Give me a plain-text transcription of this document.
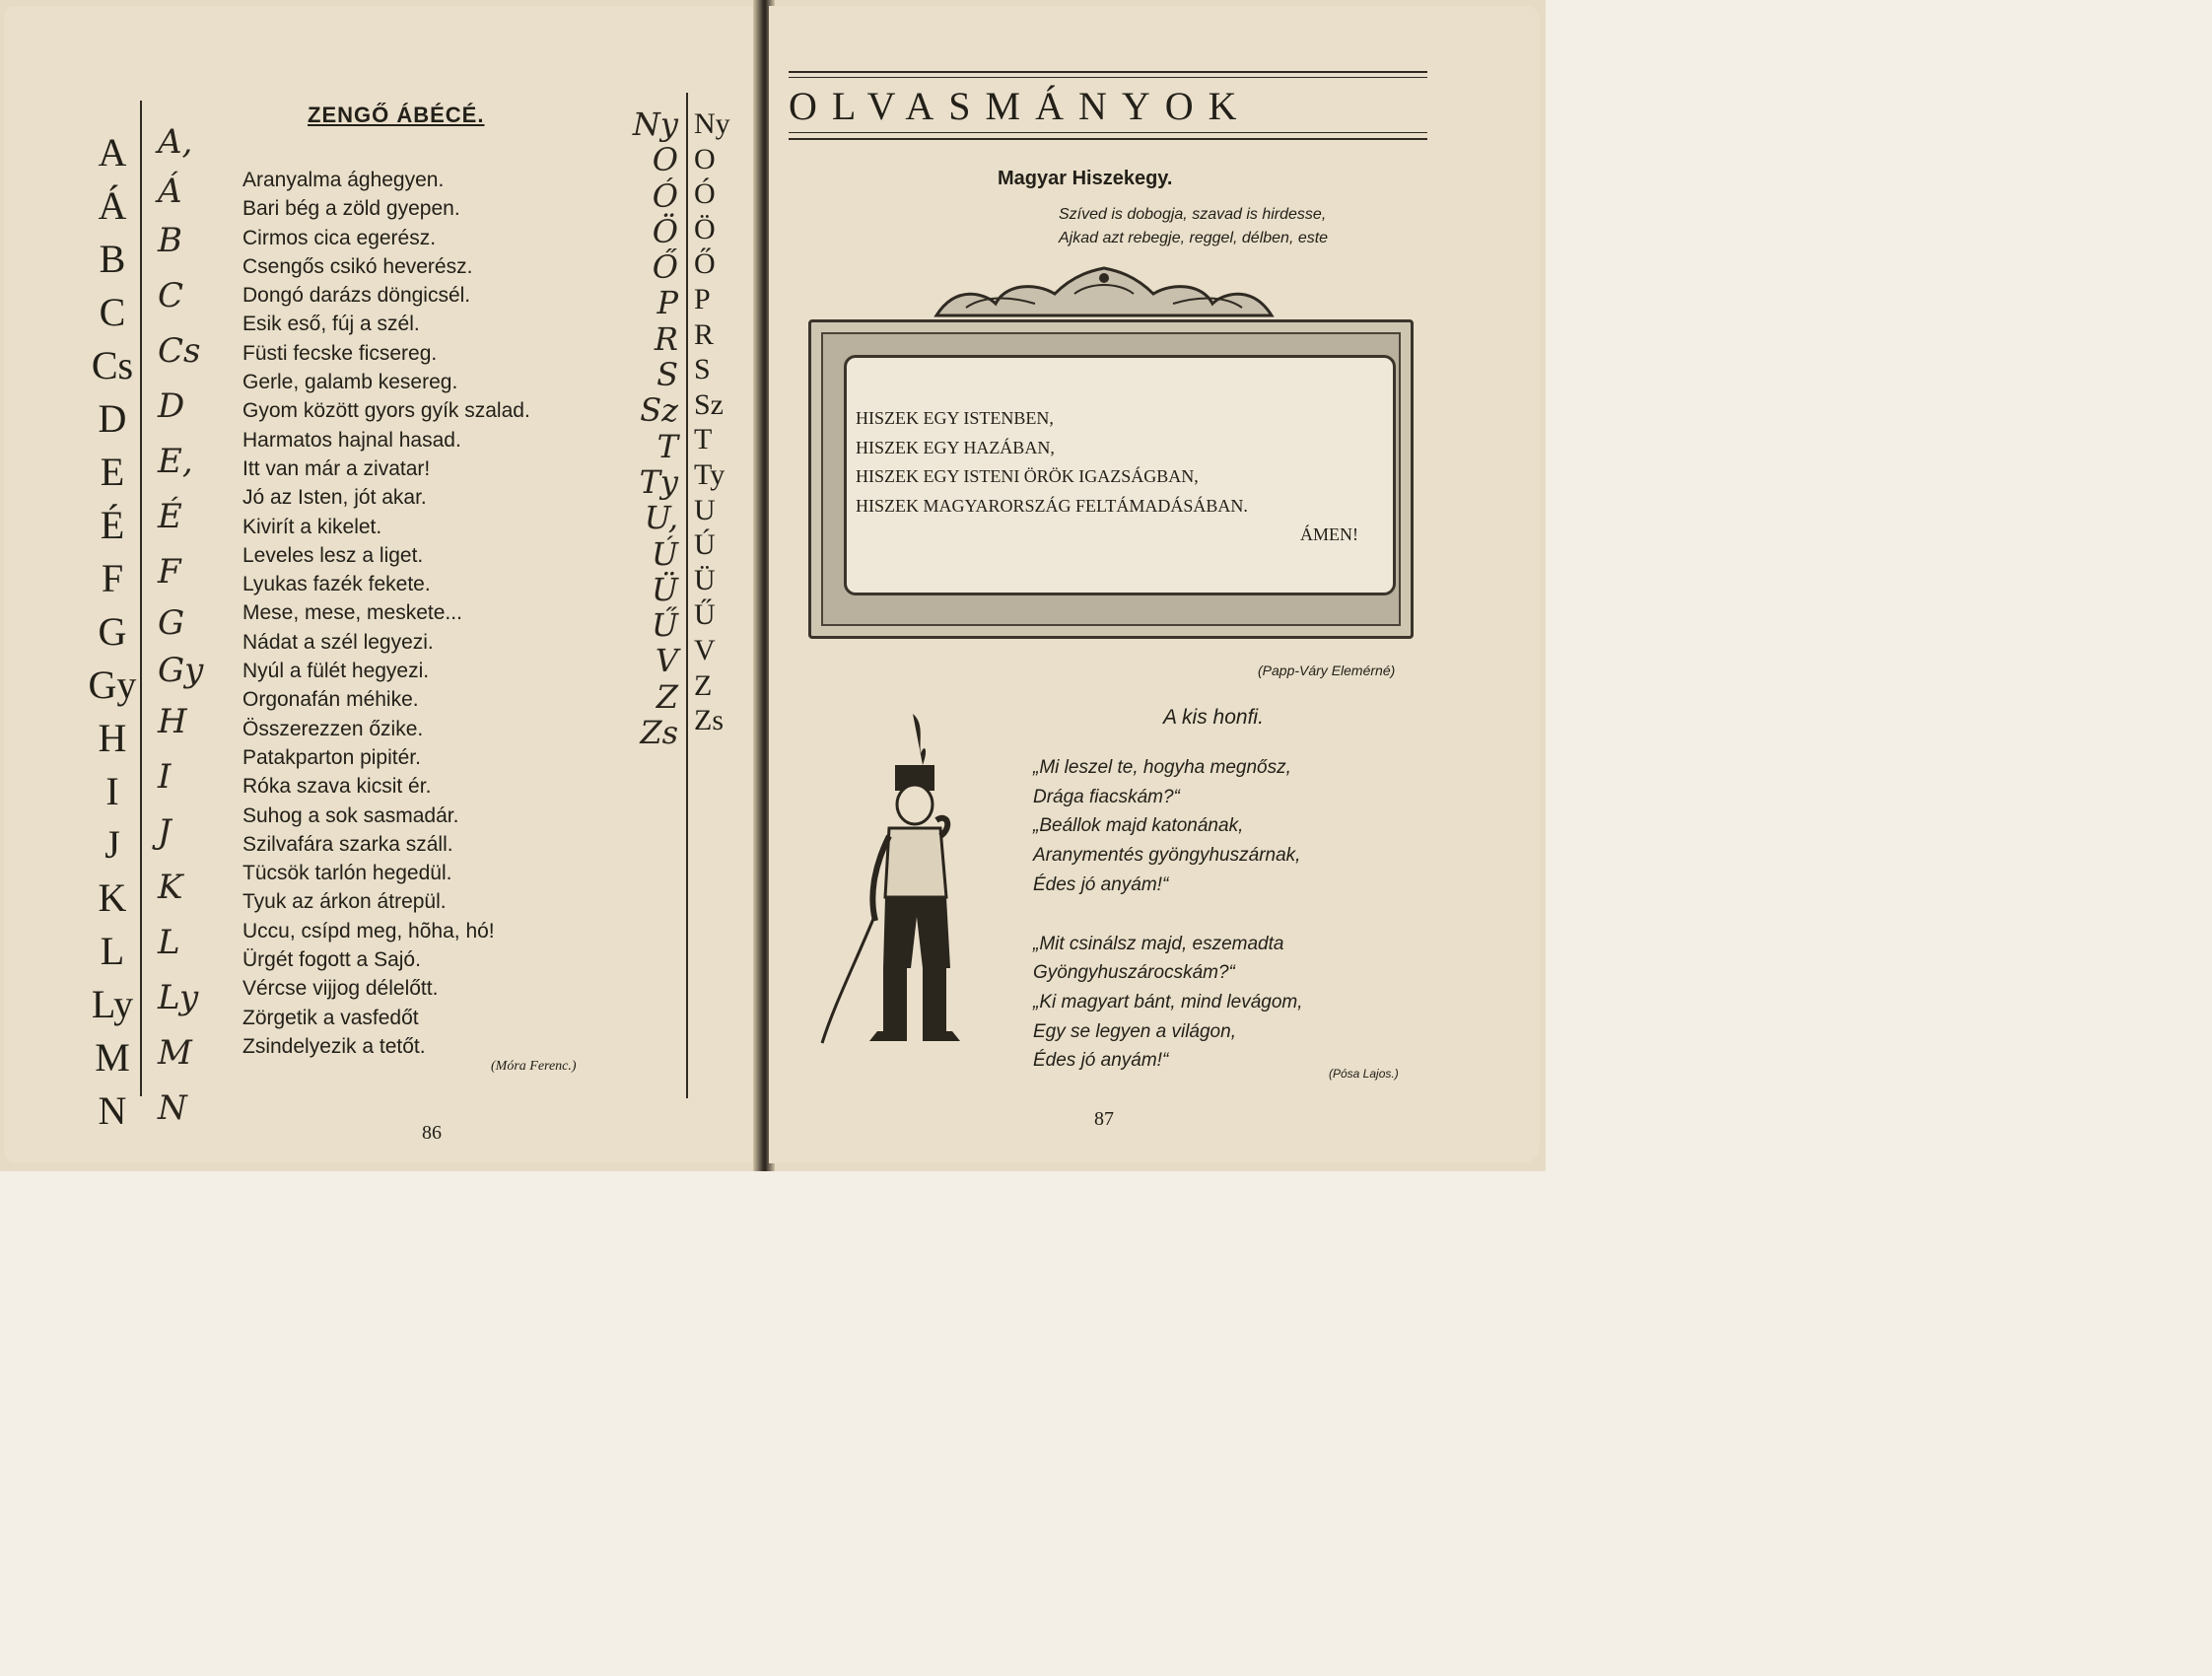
A
Á
B
C
Cs
D
E
É
F
G
Gy
H
I
J
K
L
Ly
M
N
A,
Á
B
C
Cs
D
E,
É
F
G
Gy
H
I
J
K
L
Ly
M
N
ZENGŐ ÁBÉCÉ.
Aranyalma ághegyen.
Bari bég a zöld gyepen.
Cirmos cica egerész.
Csengős csikó heverész.
Dongó darázs döngicsél.
Esik eső, fúj a szél.
Füsti fecske ficsereg.
Gerle, galamb kesereg.
Gyom között gyors gyík szalad.
Harmatos hajnal hasad.
Itt van már a zivatar!
Jó az Isten, jót akar.
Kivirít a kikelet.
Leveles lesz a liget.
Lyukas fazék fekete.
Mese, mese, meskete...
Nádat a szél legyezi.
Nyúl a fülét hegyezi.
Orgonafán méhike.
Összerezzen őzike.
Patakparton pipitér.
Róka szava kicsit ér.
Suhog a sok sasmadár.
Szilvafára szarka száll.
Tücsök tarlón hegedül.
Tyuk az árkon átrepül.
Uccu, csípd meg, hõha, hó!
Ürgét fogott a Sajó.
Vércse vijjog délelőtt.
Zörgetik a vasfedőt
Zsindelyezik a tetőt.
(Móra Ferenc.)
Ny
O
Ó
Ö
Ő
P
R
S
Sz
T
Ty
U,
Ú
Ü
Ű
V
Z
Zs
Ny
O
Ó
Ö
Ő
P
R
S
Sz
T
Ty
U
Ú
Ü
Ű
V
Z
Zs
86
OLVASMÁNYOK
Magyar Hiszekegy.
Szíved is dobogja, szavad is hirdesse,
Ajkad azt rebegje, reggel, délben, este
HISZEK EGY ISTENBEN,
HISZEK EGY HAZÁBAN,
HISZEK EGY ISTENI ÖRÖK IGAZSÁGBAN,
HISZEK MAGYARORSZÁG FELTÁMADÁSÁBAN.
ÁMEN!
(Papp-Váry Elemérné)
A kis honfi.
„Mi leszel te, hogyha megnősz,
Drága fiacskám?“
„Beállok majd katonának,
Aranymentés gyöngyhuszárnak,
Édes jó anyám!“
„Mit csinálsz majd, eszemadta
Gyöngyhuszárocskám?“
„Ki magyart bánt, mind levágom,
Egy se legyen a világon,
Édes jó anyám!“
(Pósa Lajos.)
87
